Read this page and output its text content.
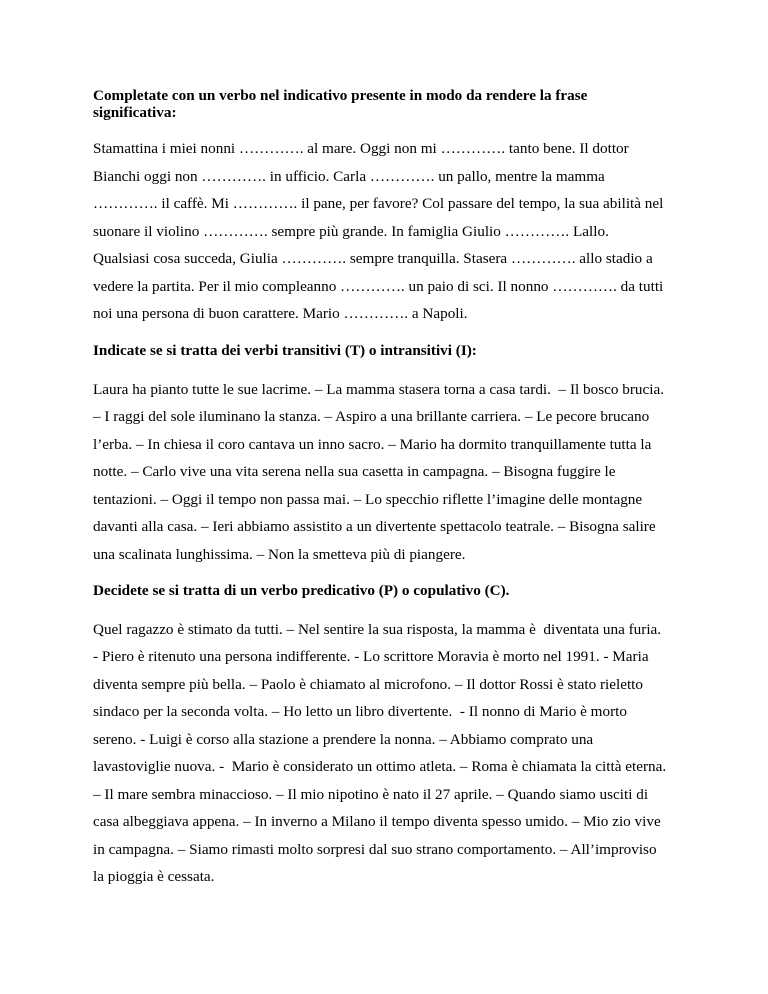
Completate con un verbo nel indicativo presente in modo da rendere la frase

significativa:

Stamattina i miei nonni …………. al mare. Oggi non mi …………. tanto bene. Il dottor

Bianchi oggi non …………. in ufficio. Carla …………. un pallo, mentre la mamma

…………. il caffè. Mi …………. il pane, per favore? Col passare del tempo, la sua abilità nel

suonare il violino …………. sempre più grande. In famiglia Giulio …………. Lallo.

Qualsiasi cosa succeda, Giulia …………. sempre tranquilla. Stasera …………. allo stadio a

vedere la partita. Per il mio compleanno …………. un paio di sci. Il nonno …………. da tutti

noi una persona di buon carattere. Mario …………. a Napoli.

Indicate se si tratta dei verbi transitivi (T) o intransitivi (I):

Laura ha pianto tutte le sue lacrime. – La mamma stasera torna a casa tardi.  – Il bosco brucia.

– I raggi del sole iluminano la stanza. – Aspiro a una brillante carriera. – Le pecore brucano

l’erba. – In chiesa il coro cantava un inno sacro. – Mario ha dormito tranquillamente tutta la

notte. – Carlo vive una vita serena nella sua casetta in campagna. – Bisogna fuggire le

tentazioni. – Oggi il tempo non passa mai. – Lo specchio riflette l’imagine delle montagne

davanti alla casa. – Ieri abbiamo assistito a un divertente spettacolo teatrale. – Bisogna salire

una scalinata lunghissima. – Non la smetteva più di piangere.

Decidete se si tratta di un verbo predicativo (P) o copulativo (C).

Quel ragazzo è stimato da tutti. – Nel sentire la sua risposta, la mamma è  diventata una furia.

- Piero è ritenuto una persona indifferente. - Lo scrittore Moravia è morto nel 1991. - Maria

diventa sempre più bella. – Paolo è chiamato al microfono. – Il dottor Rossi è stato rieletto

sindaco per la seconda volta. – Ho letto un libro divertente.  - Il nonno di Mario è morto

sereno. - Luigi è corso alla stazione a prendere la nonna. – Abbiamo comprato una

lavastoviglie nuova. -  Mario è considerato un ottimo atleta. – Roma è chiamata la città eterna.

– Il mare sembra minaccioso. – Il mio nipotino è nato il 27 aprile. – Quando siamo usciti di

casa albeggiava appena. – In inverno a Milano il tempo diventa spesso umido. – Mio zio vive

in campagna. – Siamo rimasti molto sorpresi dal suo strano comportamento. – All’improviso

la pioggia è cessata.
